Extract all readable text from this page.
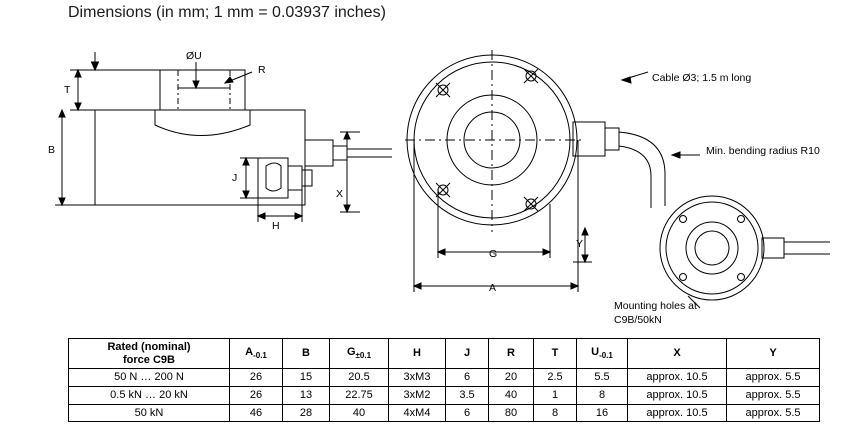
Dimensions (in mm; 1 mm = 0.03937 inches)
ØU
R
T
B
J
H
X
G
A
Y
Cable Ø3; 1.5 m long
Min. bending radius R10
Mounting holes at
C9B/50kN
Rated (nominal)
force C9B	$A_{-0.1}$	B	$G_{\pm 0.1}$	H	J	R	T	$U_{-0.1}$	X	Y
50 N … 200 N	26	15	20.5	3xM3	6	20	2.5	5.5	approx. 10.5	approx. 5.5
0.5 kN … 20 kN	26	13	22.75	3xM2	3.5	40	1	8	approx. 10.5	approx. 5.5
50 kN	46	28	40	4xM4	6	80	8	16	approx. 10.5	approx. 5.5
